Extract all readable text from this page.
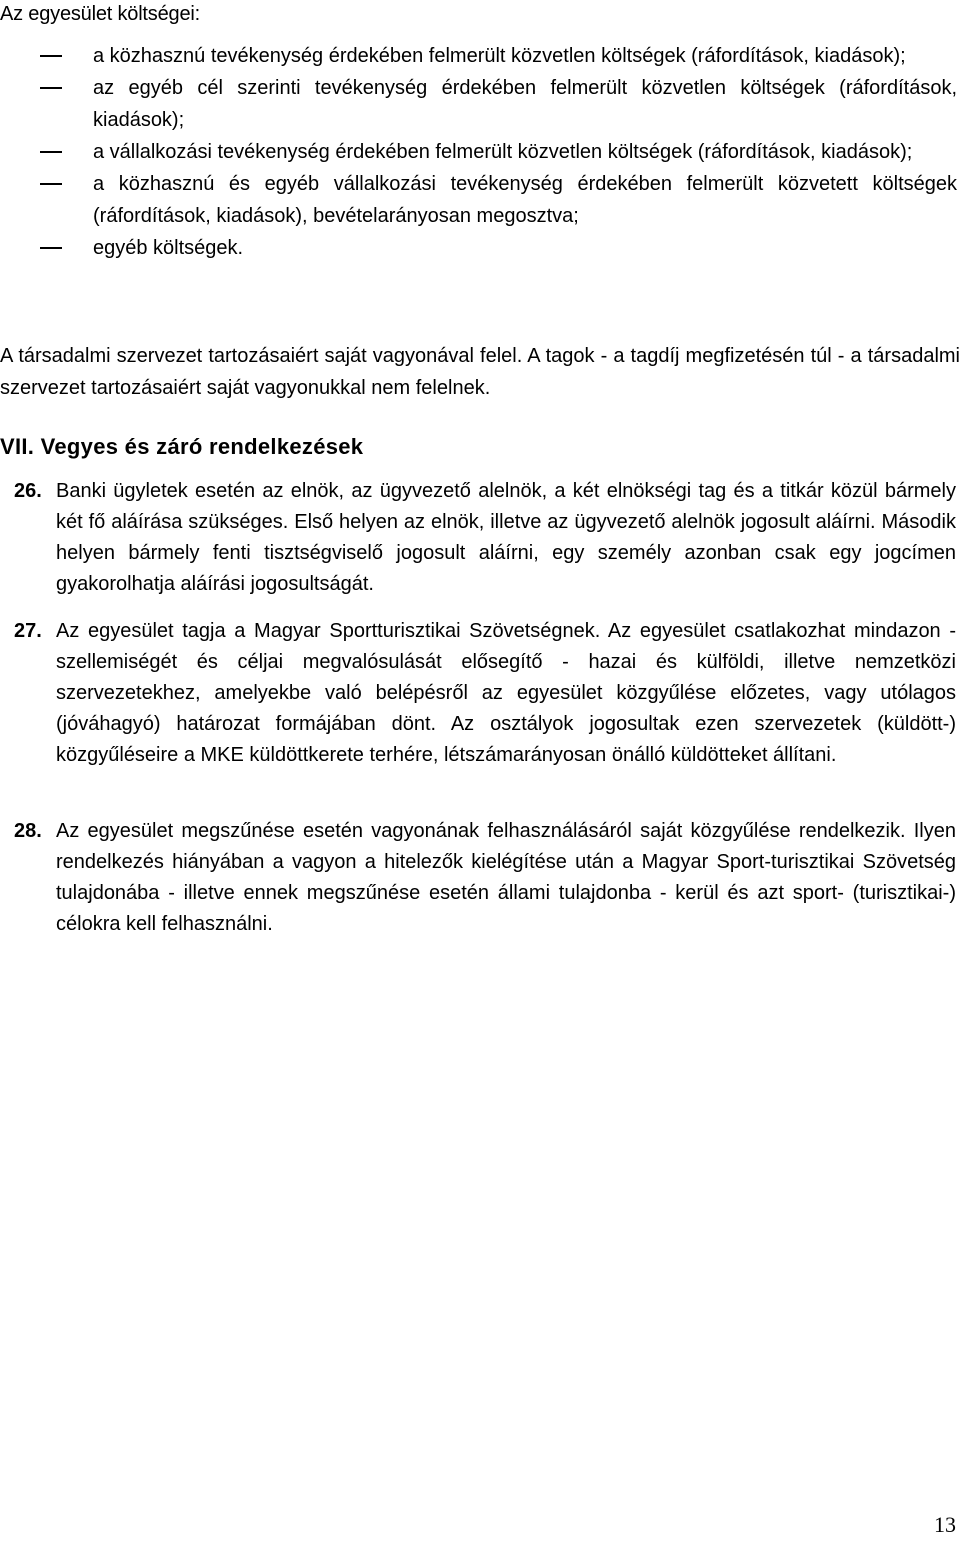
Az egyesület költségei:
a közhasznú tevékenység érdekében felmerült közvetlen költségek (ráfordítások, kiadások);
az egyéb cél szerinti tevékenység érdekében felmerült közvetlen költségek (ráfordítások, kiadások);
a vállalkozási tevékenység érdekében felmerült közvetlen költségek (ráfordítások, kiadások);
a közhasznú és egyéb vállalkozási tevékenység érdekében felmerült közvetett költségek (ráfordítások, kiadások), bevételarányosan megosztva;
egyéb költségek.
A társadalmi szervezet tartozásaiért saját vagyonával felel. A tagok - a tagdíj megfizetésén túl - a társadalmi szervezet tartozásaiért saját vagyonukkal nem felelnek.
VII. Vegyes és záró rendelkezések
26. Banki ügyletek esetén az elnök, az ügyvezető alelnök, a két elnökségi tag és a titkár közül bármely két fő aláírása szükséges. Első helyen az elnök, illetve az ügyvezető alelnök jogosult aláírni. Második helyen bármely fenti tisztségviselő jogosult aláírni, egy személy azonban csak egy jogcímen gyakorolhatja aláírási jogosultságát.
27. Az egyesület tagja a Magyar Sportturisztikai Szövetségnek. Az egyesület csatlakozhat mindazon - szellemiségét és céljai megvalósulását elősegítő - hazai és külföldi, illetve nemzetközi szervezetekhez, amelyekbe való belépésről az egyesület közgyűlése előzetes, vagy utólagos (jóváhagyó) határozat formájában dönt. Az osztályok jogosultak ezen szervezetek (küldött-) közgyűléseire a MKE küldöttkerete terhére, létszámarányosan önálló küldötteket állítani.
28. Az egyesület megszűnése esetén vagyonának felhasználásáról saját közgyűlése rendelkezik. Ilyen rendelkezés hiányában a vagyon a hitelezők kielégítése után a Magyar Sport-turisztikai Szövetség tulajdonába - illetve ennek megszűnése esetén állami tulajdonba - kerül és azt sport- (turisztikai-) célokra kell felhasználni.
13
